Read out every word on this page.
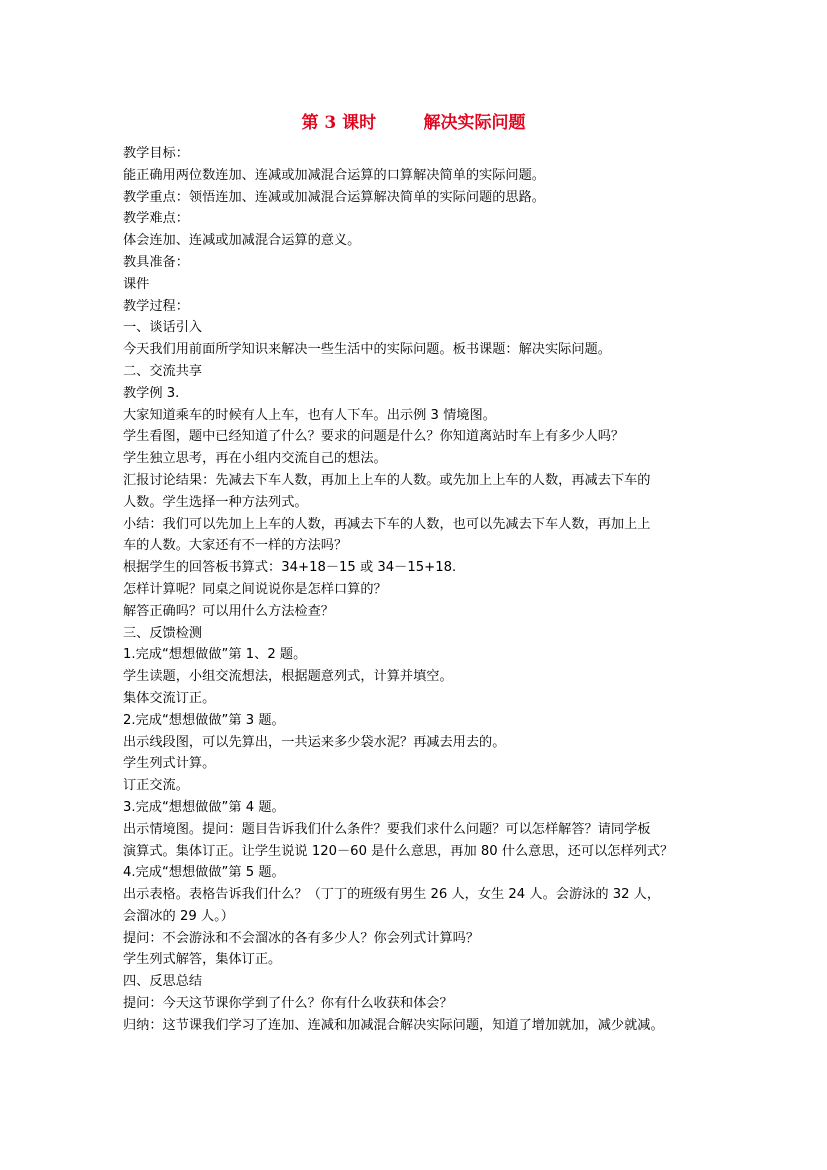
第 3 课时        解决实际问题
教学目标：
能正确用两位数连加、连减或加减混合运算的口算解决简单的实际问题。
教学重点：领悟连加、连减或加减混合运算解决简单的实际问题的思路。
教学难点：
体会连加、连减或加减混合运算的意义。
教具准备：
课件
教学过程：
一、谈话引入
今天我们用前面所学知识来解决一些生活中的实际问题。板书课题：解决实际问题。
二、交流共享
教学例 3.
大家知道乘车的时候有人上车，也有人下车。出示例 3 情境图。
学生看图，题中已经知道了什么？要求的问题是什么？你知道离站时车上有多少人吗？
学生独立思考，再在小组内交流自己的想法。
汇报讨论结果：先减去下车人数，再加上上车的人数。或先加上上车的人数，再减去下车的
人数。学生选择一种方法列式。
小结：我们可以先加上上车的人数，再减去下车的人数，也可以先减去下车人数，再加上上
车的人数。大家还有不一样的方法吗？
根据学生的回答板书算式：34+18－15 或 34－15+18.
怎样计算呢？同桌之间说说你是怎样口算的？
解答正确吗？可以用什么方法检查？
三、反馈检测
1.完成“想想做做”第 1、2 题。
学生读题，小组交流想法，根据题意列式，计算并填空。
集体交流订正。
2.完成“想想做做”第 3 题。
出示线段图，可以先算出，一共运来多少袋水泥？再减去用去的。
学生列式计算。
订正交流。
3.完成“想想做做”第 4 题。
出示情境图。提问：题目告诉我们什么条件？要我们求什么问题？可以怎样解答？请同学板
演算式。集体订正。让学生说说 120－60 是什么意思，再加 80 什么意思，还可以怎样列式？
4.完成“想想做做”第 5 题。
出示表格。表格告诉我们什么？（丁丁的班级有男生 26 人，女生 24 人。会游泳的 32 人，
会溜冰的 29 人。）
提问：不会游泳和不会溜冰的各有多少人？你会列式计算吗？
学生列式解答，集体订正。
四、反思总结
提问：今天这节课你学到了什么？你有什么收获和体会？
归纳：这节课我们学习了连加、连减和加减混合解决实际问题，知道了增加就加，减少就减。
